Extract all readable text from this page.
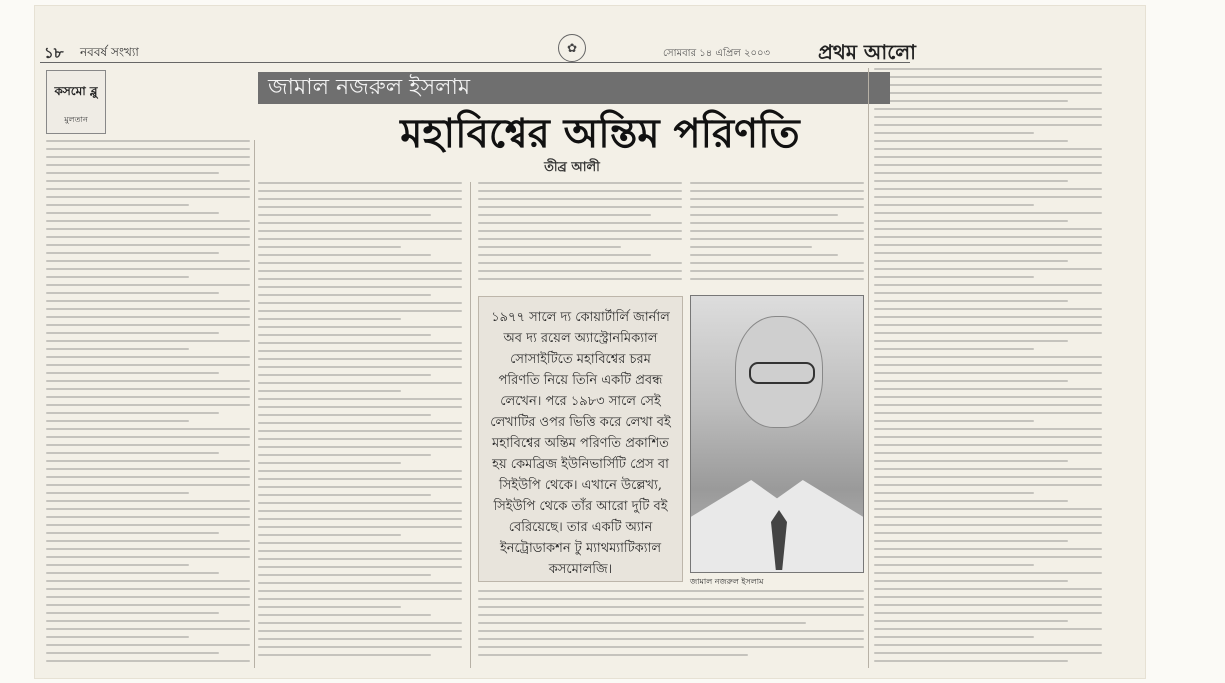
১৮ নববর্ষ সংখ্যা	সোমবার ১৪ এপ্রিল ২০০৩ প্রথম আলো
✿
কসমো ব্লু
মুলতান
জামাল নজরুল ইসলাম
মহাবিশ্বের অন্তিম পরিণতি
তীব্র আলী
১৯৭৭ সালে দ্য কোয়ার্টার্লি জার্নাল অব দ্য রয়েল অ্যাস্ট্রোনমিক্যাল সোসাইটিতে মহাবিশ্বের চরম পরিণতি নিয়ে তিনি একটি প্রবন্ধ লেখেন। পরে ১৯৮৩ সালে সেই লেখাটির ওপর ভিত্তি করে লেখা বই মহাবিশ্বের অন্তিম পরিণতি প্রকাশিত হয় কেমব্রিজ ইউনিভার্সিটি প্রেস বা সিইউপি থেকে। এখানে উল্লেখ্য, সিইউপি থেকে তাঁর আরো দুটি বই বেরিয়েছে। তার একটি অ্যান ইনট্রোডাকশন টু ম্যাথম্যাটিক্যাল কসমোলজি।
জামাল নজরুল ইসলাম
